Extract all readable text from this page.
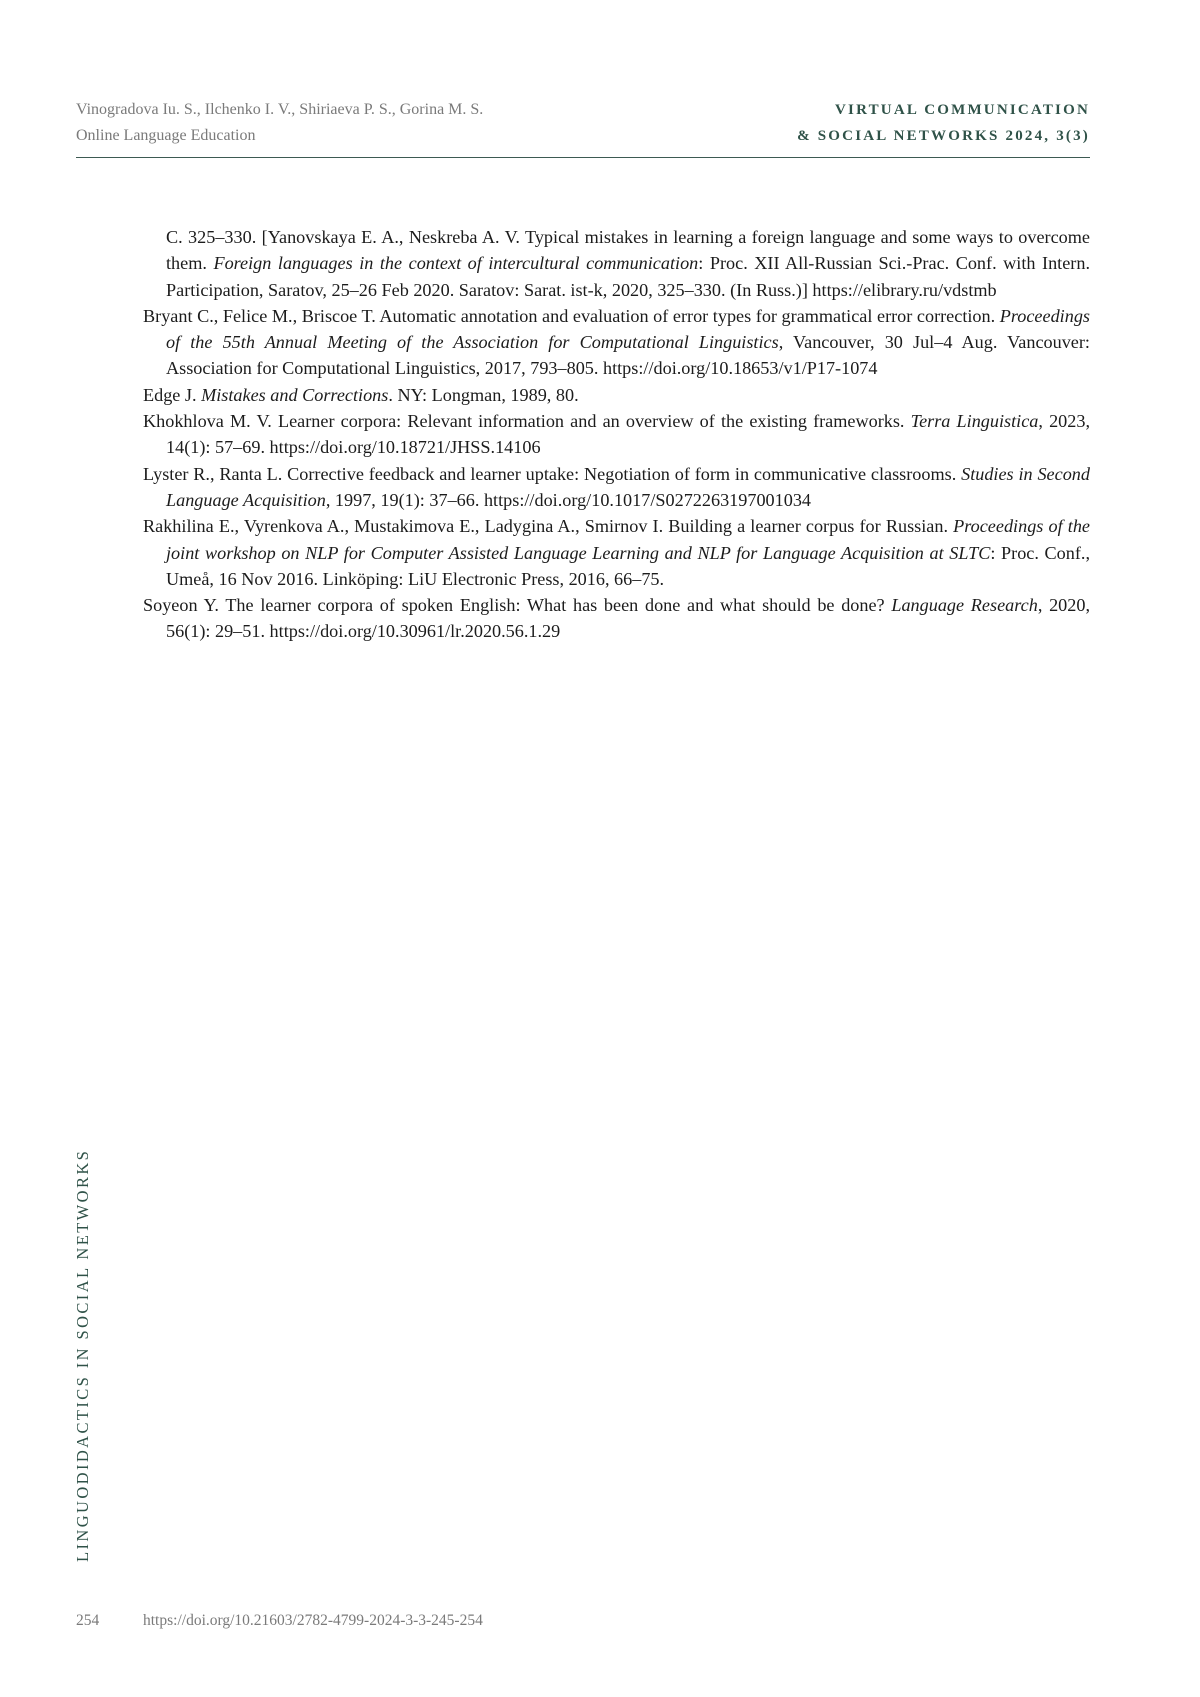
Vinogradova Iu. S., Ilchenko I. V., Shiriaeva P. S., Gorina M. S.
Online Language Education
VIRTUAL COMMUNICATION
& SOCIAL NETWORKS 2024, 3(3)

C. 325–330. [Yanovskaya E. A., Neskreba A. V. Typical mistakes in learning a foreign language and some ways to overcome them. Foreign languages in the context of intercultural communication: Proc. XII All-Russian Sci.-Prac. Conf. with Intern. Participation, Saratov, 25–26 Feb 2020. Saratov: Sarat. ist-k, 2020, 325–330. (In Russ.)] https://elibrary.ru/vdstmb

Bryant C., Felice M., Briscoe T. Automatic annotation and evaluation of error types for grammatical error correction. Proceedings of the 55th Annual Meeting of the Association for Computational Linguistics, Vancouver, 30 Jul–4 Aug. Vancouver: Association for Computational Linguistics, 2017, 793–805. https://doi.org/10.18653/v1/P17-1074

Edge J. Mistakes and Corrections. NY: Longman, 1989, 80.

Khokhlova M. V. Learner corpora: Relevant information and an overview of the existing frameworks. Terra Linguistica, 2023, 14(1): 57–69. https://doi.org/10.18721/JHSS.14106

Lyster R., Ranta L. Corrective feedback and learner uptake: Negotiation of form in communicative classrooms. Studies in Second Language Acquisition, 1997, 19(1): 37–66. https://doi.org/10.1017/S0272263197001034

Rakhilina E., Vyrenkova A., Mustakimova E., Ladygina A., Smirnov I. Building a learner corpus for Russian. Proceedings of the joint workshop on NLP for Computer Assisted Language Learning and NLP for Language Acquisition at SLTC: Proc. Conf., Umeå, 16 Nov 2016. Linköping: LiU Electronic Press, 2016, 66–75.

Soyeon Y. The learner corpora of spoken English: What has been done and what should be done? Language Research, 2020, 56(1): 29–51. https://doi.org/10.30961/lr.2020.56.1.29

LINGUODIDACTICS IN SOCIAL NETWORKS
254	https://doi.org/10.21603/2782-4799-2024-3-3-245-254
